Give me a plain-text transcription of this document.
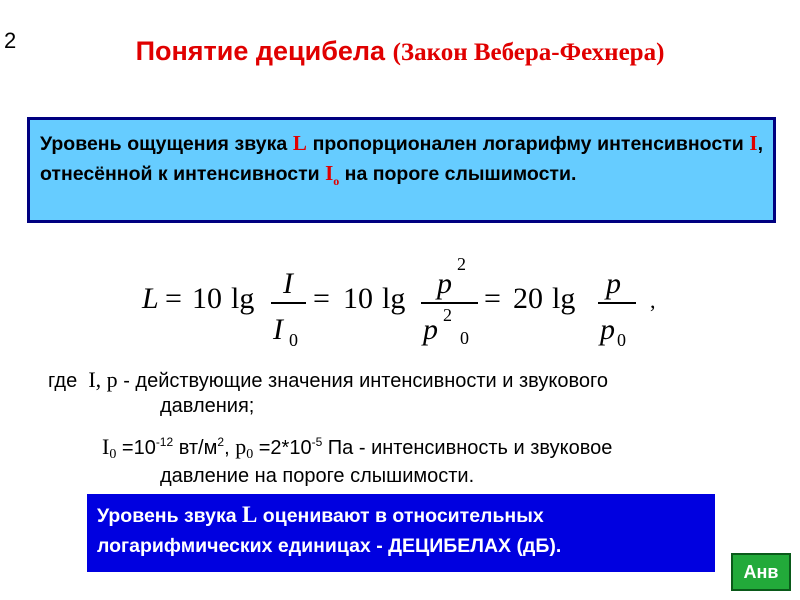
2	Понятие децибела (Закон Вебера-Фехнера)
Уровень ощущения звука L пропорционален логарифму интенсивности I, отнесённой к интенсивности $I_o$ на пороге слышимости.
L = 10 lg I
I 0
= 10 lg p
2
p 2
0
= 20 lg p
p 0
,
где I, p - действующие значения интенсивности и звукового
давления;
$I_0 =10^{-12}$ $вт/м^2$, $p_0 =2*10^{-5}$ Па - интенсивность и звуковое
давление на пороге слышимости.
Уровень звука L оценивают в относительных
логарифмических единицах - ДЕЦИБЕЛАХ (дБ).
Анв
